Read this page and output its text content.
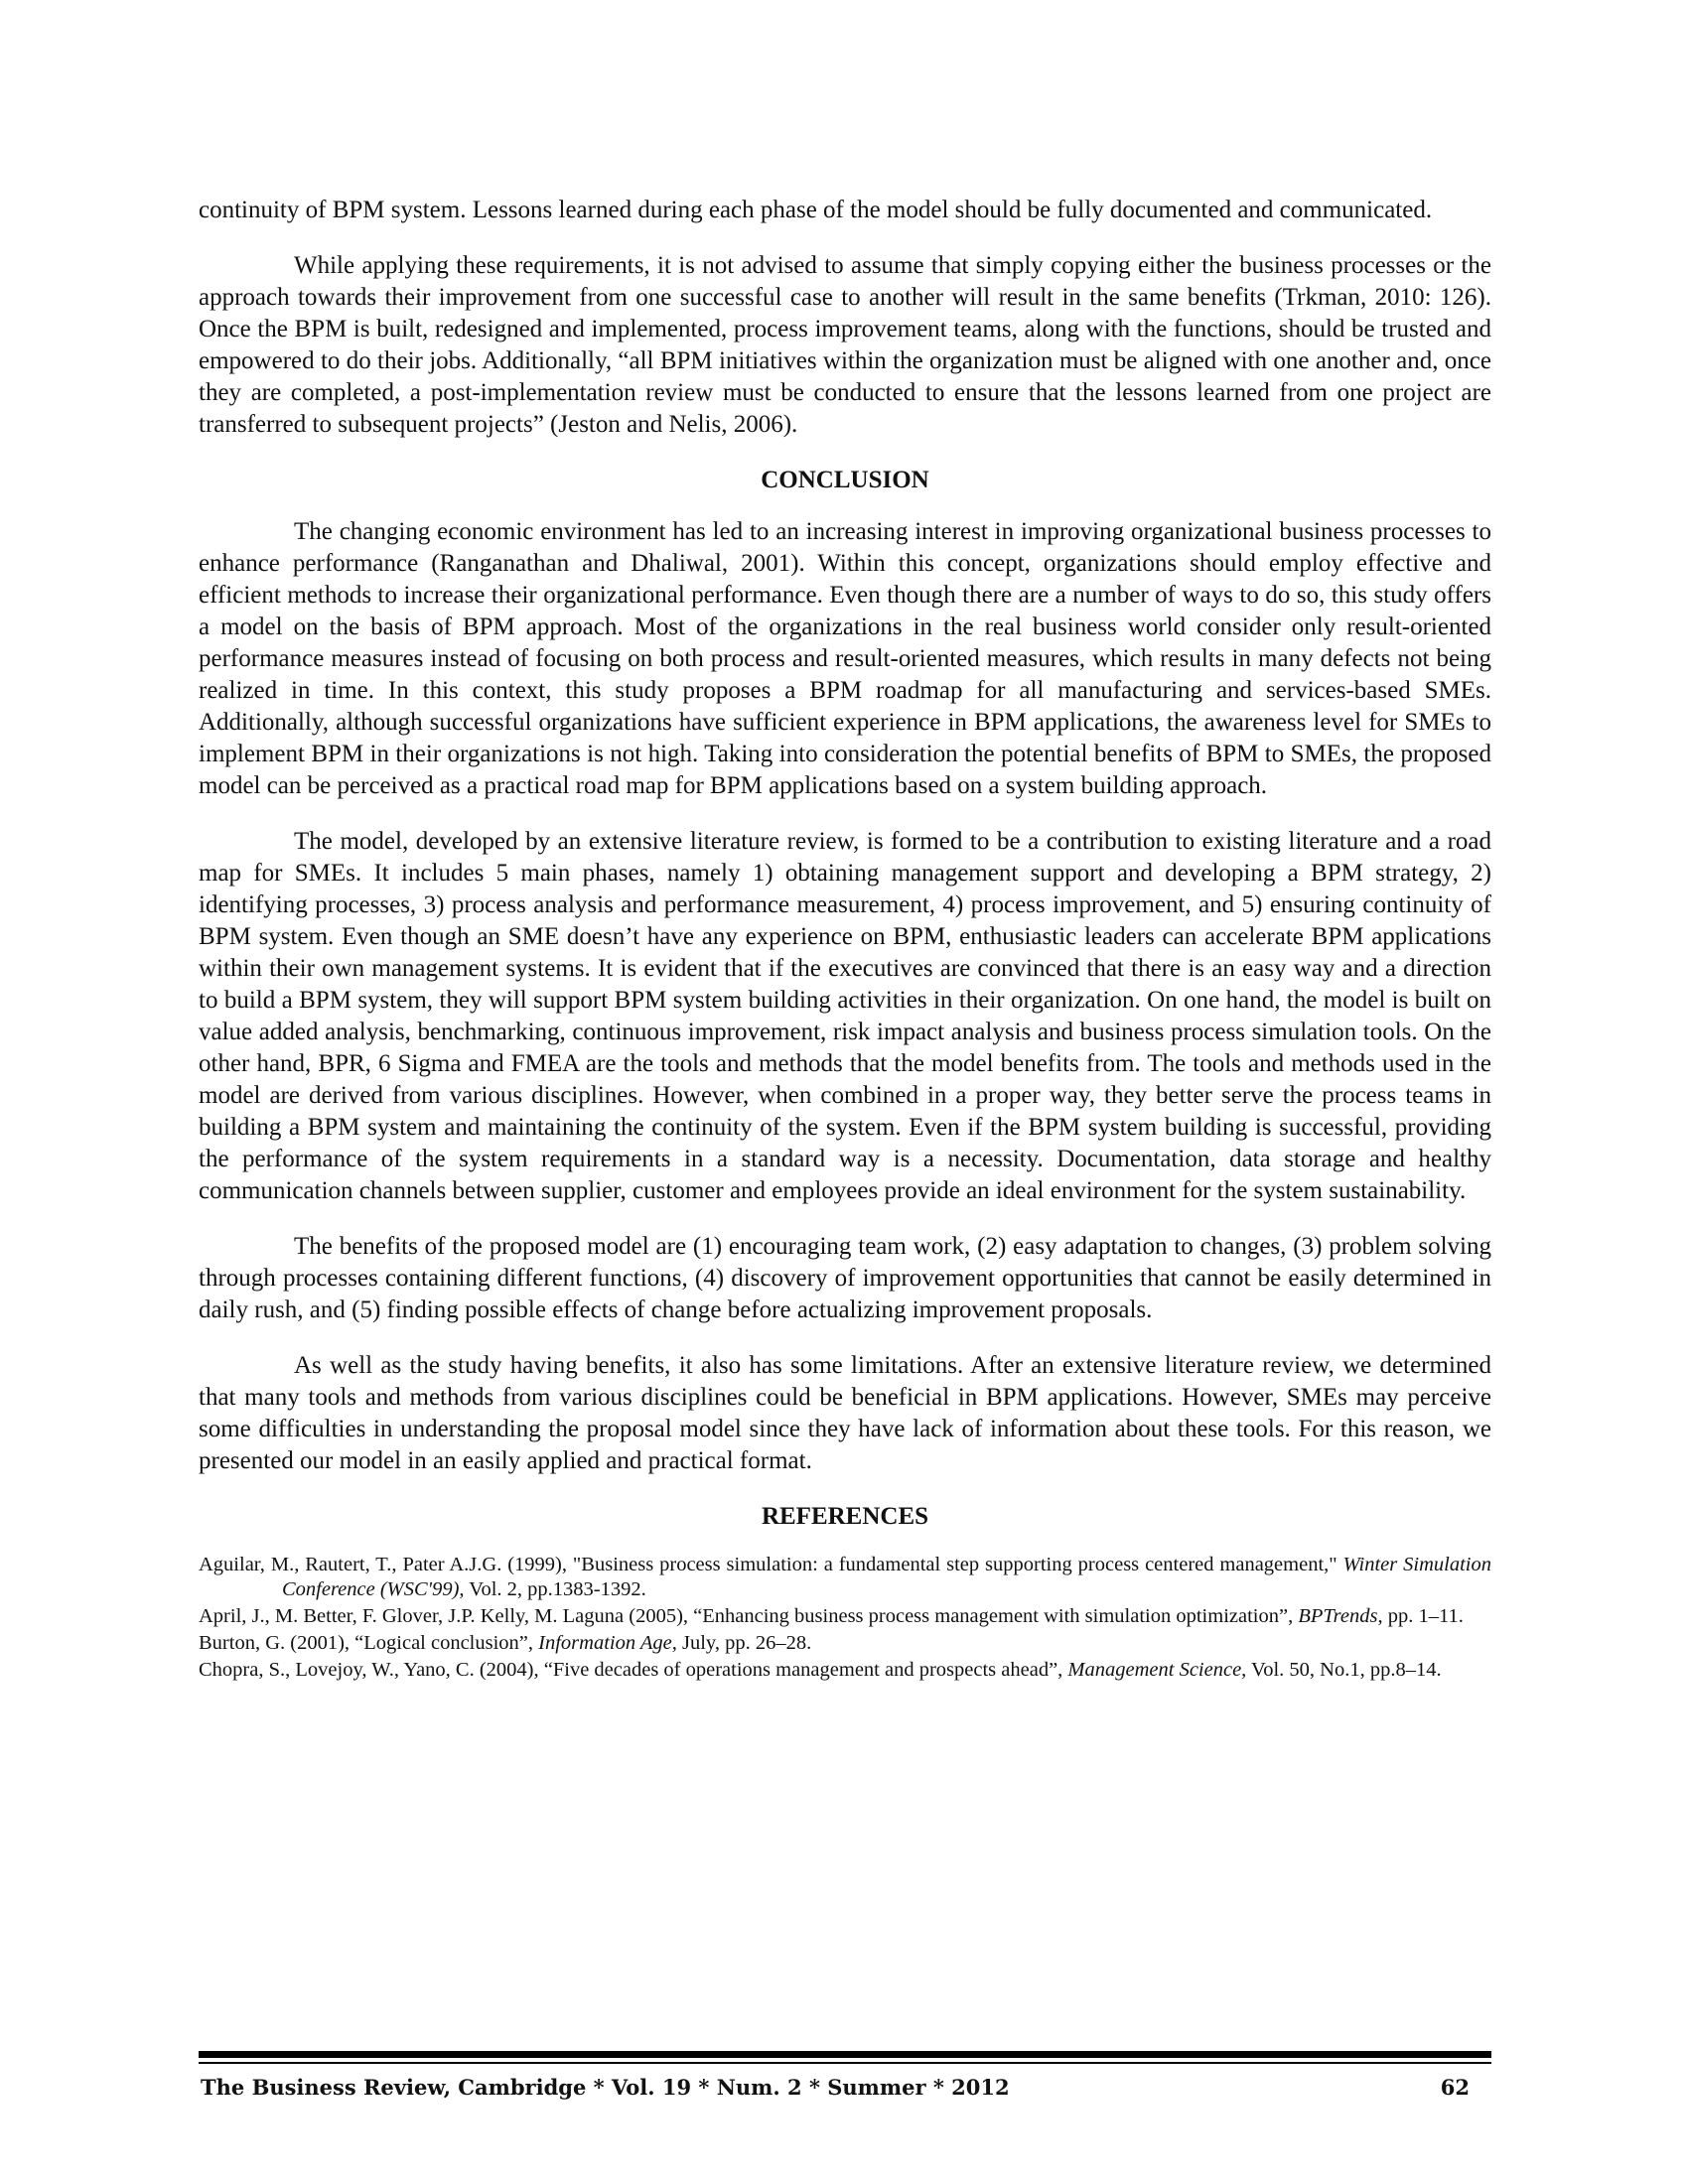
continuity of BPM system. Lessons learned during each phase of the model should be fully documented and communicated.

While applying these requirements, it is not advised to assume that simply copying either the business processes or the approach towards their improvement from one successful case to another will result in the same benefits (Trkman, 2010: 126). Once the BPM is built, redesigned and implemented, process improvement teams, along with the functions, should be trusted and empowered to do their jobs. Additionally, “all BPM initiatives within the organization must be aligned with one another and, once they are completed, a post-implementation review must be conducted to ensure that the lessons learned from one project are transferred to subsequent projects” (Jeston and Nelis, 2006).

CONCLUSION

The changing economic environment has led to an increasing interest in improving organizational business processes to enhance performance (Ranganathan and Dhaliwal, 2001). Within this concept, organizations should employ effective and efficient methods to increase their organizational performance. Even though there are a number of ways to do so, this study offers a model on the basis of BPM approach. Most of the organizations in the real business world consider only result-oriented performance measures instead of focusing on both process and result-oriented measures, which results in many defects not being realized in time. In this context, this study proposes a BPM roadmap for all manufacturing and services-based SMEs. Additionally, although successful organizations have sufficient experience in BPM applications, the awareness level for SMEs to implement BPM in their organizations is not high. Taking into consideration the potential benefits of BPM to SMEs, the proposed model can be perceived as a practical road map for BPM applications based on a system building approach.

The model, developed by an extensive literature review, is formed to be a contribution to existing literature and a road map for SMEs. It includes 5 main phases, namely 1) obtaining management support and developing a BPM strategy, 2) identifying processes, 3) process analysis and performance measurement, 4) process improvement, and 5) ensuring continuity of BPM system. Even though an SME doesn’t have any experience on BPM, enthusiastic leaders can accelerate BPM applications within their own management systems. It is evident that if the executives are convinced that there is an easy way and a direction to build a BPM system, they will support BPM system building activities in their organization. On one hand, the model is built on value added analysis, benchmarking, continuous improvement, risk impact analysis and business process simulation tools. On the other hand, BPR, 6 Sigma and FMEA are the tools and methods that the model benefits from. The tools and methods used in the model are derived from various disciplines. However, when combined in a proper way, they better serve the process teams in building a BPM system and maintaining the continuity of the system. Even if the BPM system building is successful, providing the performance of the system requirements in a standard way is a necessity. Documentation, data storage and healthy communication channels between supplier, customer and employees provide an ideal environment for the system sustainability.

The benefits of the proposed model are (1) encouraging team work, (2) easy adaptation to changes, (3) problem solving through processes containing different functions, (4) discovery of improvement opportunities that cannot be easily determined in daily rush, and (5) finding possible effects of change before actualizing improvement proposals.

As well as the study having benefits, it also has some limitations. After an extensive literature review, we determined that many tools and methods from various disciplines could be beneficial in BPM applications. However, SMEs may perceive some difficulties in understanding the proposal model since they have lack of information about these tools. For this reason, we presented our model in an easily applied and practical format.

REFERENCES

Aguilar, M., Rautert, T., Pater A.J.G. (1999), "Business process simulation: a fundamental step supporting process centered management," Winter Simulation Conference (WSC'99), Vol. 2, pp.1383-1392.

April, J., M. Better, F. Glover, J.P. Kelly, M. Laguna (2005), “Enhancing business process management with simulation optimization”, BPTrends, pp. 1–11.

Burton, G. (2001), “Logical conclusion”, Information Age, July, pp. 26–28.

Chopra, S., Lovejoy, W., Yano, C. (2004), “Five decades of operations management and prospects ahead”, Management Science, Vol. 50, No.1, pp.8–14.

The Business Review, Cambridge * Vol. 19 * Num. 2 * Summer * 2012	62
